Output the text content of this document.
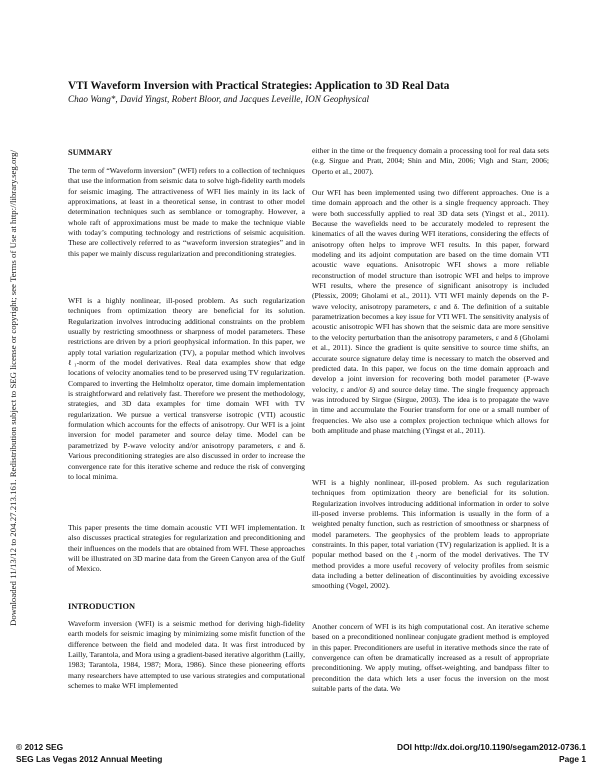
Downloaded 11/13/12 to 204.27.213.161. Redistribution subject to SEG license or copyright; see Terms of Use at http://library.seg.org/
VTI Waveform Inversion with Practical Strategies: Application to 3D Real Data
Chao Wang*, David Yingst, Robert Bloor, and Jacques Leveille, ION Geophysical
SUMMARY

The term of “Waveform inversion” (WFI) refers to a collection of techniques that use the information from seismic data to solve high-fidelity earth models for seismic imaging. The attractiveness of WFI lies mainly in its lack of approximations, at least in a theoretical sense, in contrast to other model determination techniques such as semblance or tomography. However, a whole raft of approximations must be made to make the technique viable with today’s computing technology and restrictions of seismic acquisition. These are collectively referred to as “waveform inversion strategies” and in this paper we mainly discuss regularization and preconditioning strategies.

WFI is a highly nonlinear, ill-posed problem. As such regularization techniques from optimization theory are beneficial for its solution. Regularization involves introducing additional constraints on the problem usually by restricting smoothness or sharpness of model parameters. These restrictions are driven by a priori geophysical information. In this paper, we apply total variation regularization (TV), a popular method which involves ℓ₁-norm of the model derivatives. Real data examples show that edge locations of velocity anomalies tend to be preserved using TV regularization. Compared to inverting the Helmholtz operator, time domain implementation is straightforward and relatively fast. Therefore we present the methodology, strategies, and 3D data examples for time domain WFI with TV regularization. We pursue a vertical transverse isotropic (VTI) acoustic formulation which accounts for the effects of anisotropy. Our WFI is a joint inversion for model parameter and source delay time. Model can be parametrized by P-wave velocity and/or anisotropy parameters, ε and δ. Various preconditioning strategies are also discussed in order to increase the convergence rate for this iterative scheme and reduce the risk of converging to local minima.

This paper presents the time domain acoustic VTI WFI implementation. It also discusses practical strategies for regularization and preconditioning and their influences on the models that are obtained from WFI. These approaches will be illustrated on 3D marine data from the Green Canyon area of the Gulf of Mexico.

INTRODUCTION

Waveform inversion (WFI) is a seismic method for deriving high-fidelity earth models for seismic imaging by minimizing some misfit function of the difference between the field and modeled data. It was first introduced by Lailly, Tarantola, and Mora using a gradient-based iterative algorithm (Lailly, 1983; Tarantola, 1984, 1987; Mora, 1986). Since these pioneering efforts many researchers have attempted to use various strategies and computational schemes to make WFI implemented

either in the time or the frequency domain a processing tool for real data sets (e.g. Sirgue and Pratt, 2004; Shin and Min, 2006; Vigh and Starr, 2006; Operto et al., 2007).

Our WFI has been implemented using two different approaches. One is a time domain approach and the other is a single frequency approach. They were both successfully applied to real 3D data sets (Yingst et al., 2011). Because the wavefields need to be accurately modeled to represent the kinematics of all the waves during WFI iterations, considering the effects of anisotropy often helps to improve WFI results. In this paper, forward modeling and its adjoint computation are based on the time domain VTI acoustic wave equations. Anisotropic WFI shows a more reliable reconstruction of model structure than isotropic WFI and helps to improve WFI results, where the presence of significant anisotropy is included (Plessix, 2009; Gholami et al., 2011). VTI WFI mainly depends on the P-wave velocity, anisotropy parameters, ε and δ. The definition of a suitable parametrization becomes a key issue for VTI WFI. The sensitivity analysis of acoustic anisotropic WFI has shown that the seismic data are more sensitive to the velocity perturbation than the anisotropy parameters, ε and δ (Gholami et al., 2011). Since the gradient is quite sensitive to source time shifts, an accurate source signature delay time is necessary to match the observed and predicted data. In this paper, we focus on the time domain approach and develop a joint inversion for recovering both model parameter (P-wave velocity, ε and/or δ) and source delay time. The single frequency approach was introduced by Sirgue (Sirgue, 2003). The idea is to propagate the wave in time and accumulate the Fourier transform for one or a small number of frequencies. We also use a complex projection technique which allows for both amplitude and phase matching (Yingst et al., 2011).

WFI is a highly nonlinear, ill-posed problem. As such regularization techniques from optimization theory are beneficial for its solution. Regularization involves introducing additional information in order to solve ill-posed inverse problems. This information is usually in the form of a weighted penalty function, such as restriction of smoothness or sharpness of model parameters. The geophysics of the problem leads to appropriate constraints. In this paper, total variation (TV) regularization is applied. It is a popular method based on the ℓ₁-norm of the model derivatives. The TV method provides a more useful recovery of velocity profiles from seismic data including a better delineation of discontinuities by avoiding excessive smoothing (Vogel, 2002).

Another concern of WFI is its high computational cost. An iterative scheme based on a preconditioned nonlinear conjugate gradient method is employed in this paper. Preconditioners are useful in iterative methods since the rate of convergence can often be dramatically increased as a result of appropriate preconditioning. We apply muting, offset-weighting, and bandpass filter to precondition the data which lets a user focus the inversion on the most suitable parts of the data. We

© 2012 SEG	DOI http://dx.doi.org/10.1190/segam2012-0736.1
SEG Las Vegas 2012 Annual Meeting	Page 1
